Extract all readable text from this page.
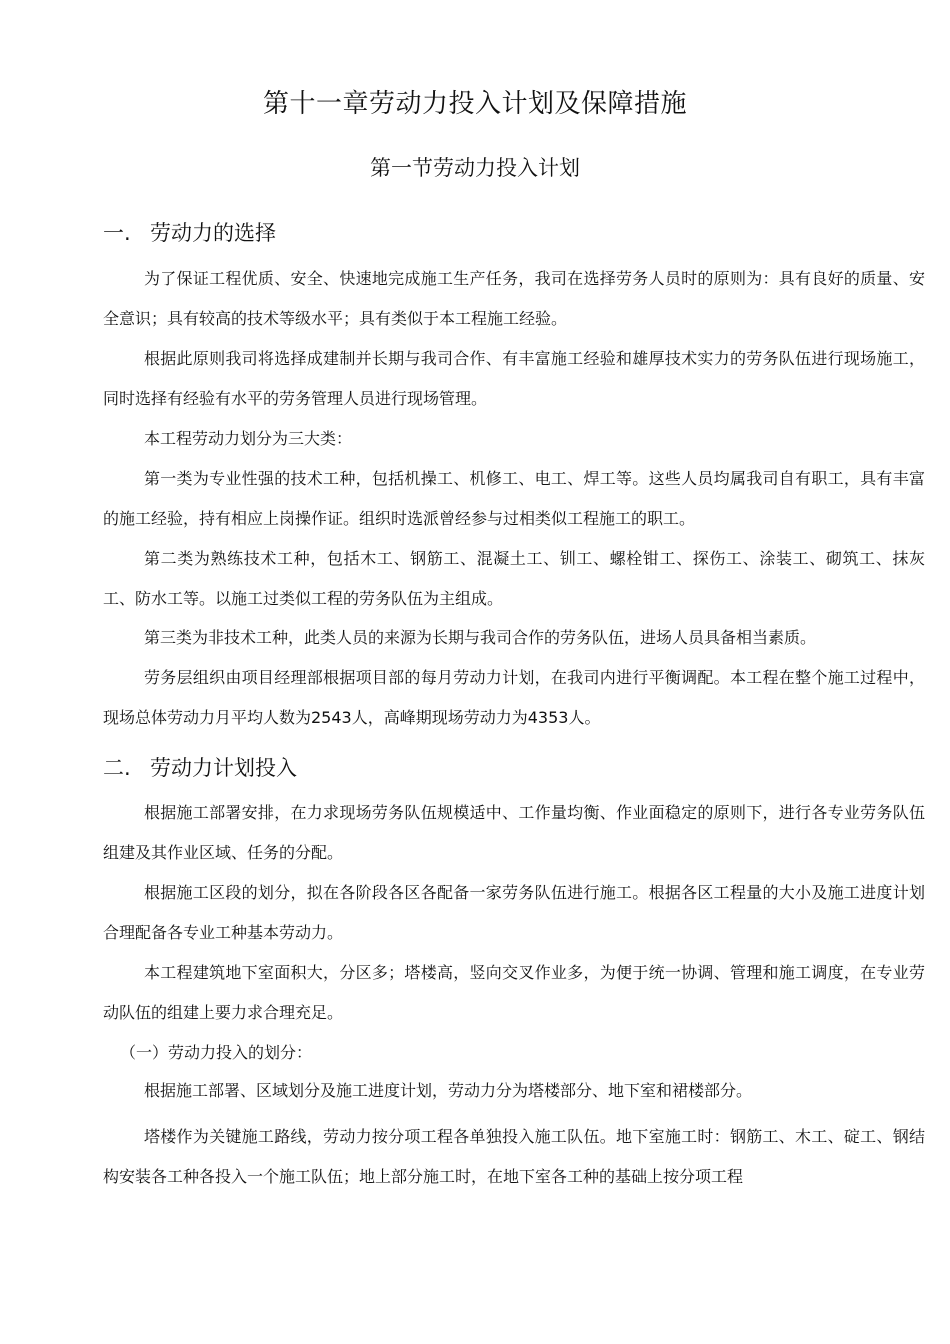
第十一章劳动力投入计划及保障措施
第一节劳动力投入计划
一. 劳动力的选择

为了保证工程优质、安全、快速地完成施工生产任务，我司在选择劳务人员时的原则为：具有良好的质量、安全意识；具有较高的技术等级水平；具有类似于本工程施工经验。

根据此原则我司将选择成建制并长期与我司合作、有丰富施工经验和雄厚技术实力的劳务队伍进行现场施工，同时选择有经验有水平的劳务管理人员进行现场管理。

本工程劳动力划分为三大类：

第一类为专业性强的技术工种，包括机操工、机修工、电工、焊工等。这些人员均属我司自有职工，具有丰富的施工经验，持有相应上岗操作证。组织时选派曾经参与过相类似工程施工的职工。

第二类为熟练技术工种，包括木工、钢筋工、混凝土工、钏工、螺栓钳工、探伤工、涂装工、砌筑工、抹灰工、防水工等。以施工过类似工程的劳务队伍为主组成。

第三类为非技术工种，此类人员的来源为长期与我司合作的劳务队伍，进场人员具备相当素质。

劳务层组织由项目经理部根据项目部的每月劳动力计划，在我司内进行平衡调配。本工程在整个施工过程中，现场总体劳动力月平均人数为2543人，高峰期现场劳动力为4353人。

二. 劳动力计划投入

根据施工部署安排，在力求现场劳务队伍规模适中、工作量均衡、作业面稳定的原则下，进行各专业劳务队伍组建及其作业区域、任务的分配。

根据施工区段的划分，拟在各阶段各区各配备一家劳务队伍进行施工。根据各区工程量的大小及施工进度计划合理配备各专业工种基本劳动力。

本工程建筑地下室面积大，分区多；塔楼高，竖向交叉作业多，为便于统一协调、管理和施工调度，在专业劳动队伍的组建上要力求合理充足。

（一）劳动力投入的划分：

根据施工部署、区域划分及施工进度计划，劳动力分为塔楼部分、地下室和裙楼部分。

塔楼作为关键施工路线，劳动力按分项工程各单独投入施工队伍。地下室施工时：钢筋工、木工、碇工、钢结构安装各工种各投入一个施工队伍；地上部分施工时，在地下室各工种的基础上按分项工程
